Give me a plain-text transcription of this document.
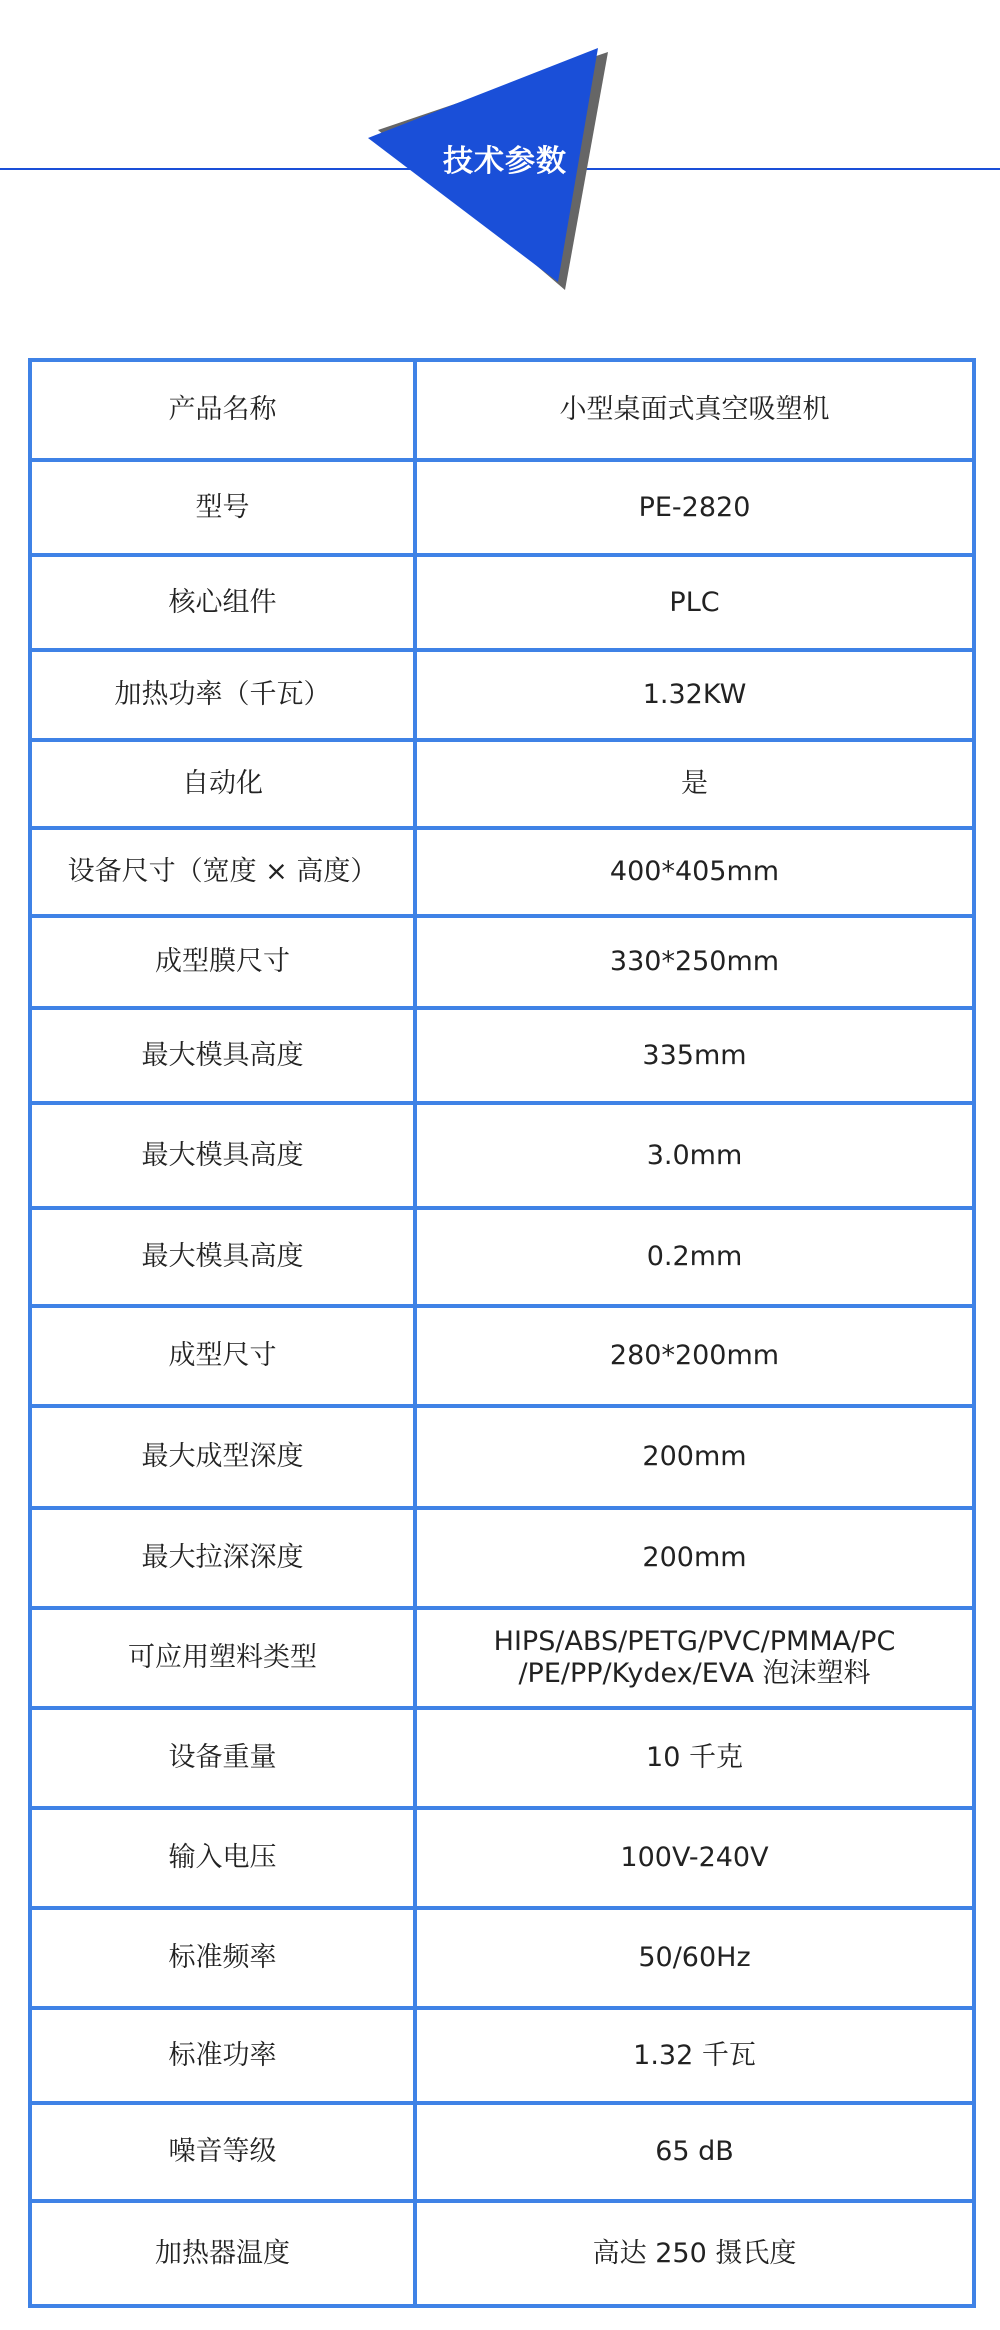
技术参数
产品名称	小型桌面式真空吸塑机
型号	PE-2820
核心组件	PLC
加热功率（千瓦）	1.32KW
自动化	是
设备尺寸（宽度 × 高度）	400*405mm
成型膜尺寸	330*250mm
最大模具高度	335mm
最大模具高度	3.0mm
最大模具高度	0.2mm
成型尺寸	280*200mm
最大成型深度	200mm
最大拉深深度	200mm
可应用塑料类型	HIPS/ABS/PETG/PVC/PMMA/PC
/PE/PP/Kydex/EVA 泡沫塑料

设备重量	10 千克
输入电压	100V-240V
标准频率	50/60Hz
标准功率	1.32 千瓦
噪音等级	65 dB
加热器温度	高达 250 摄氏度
